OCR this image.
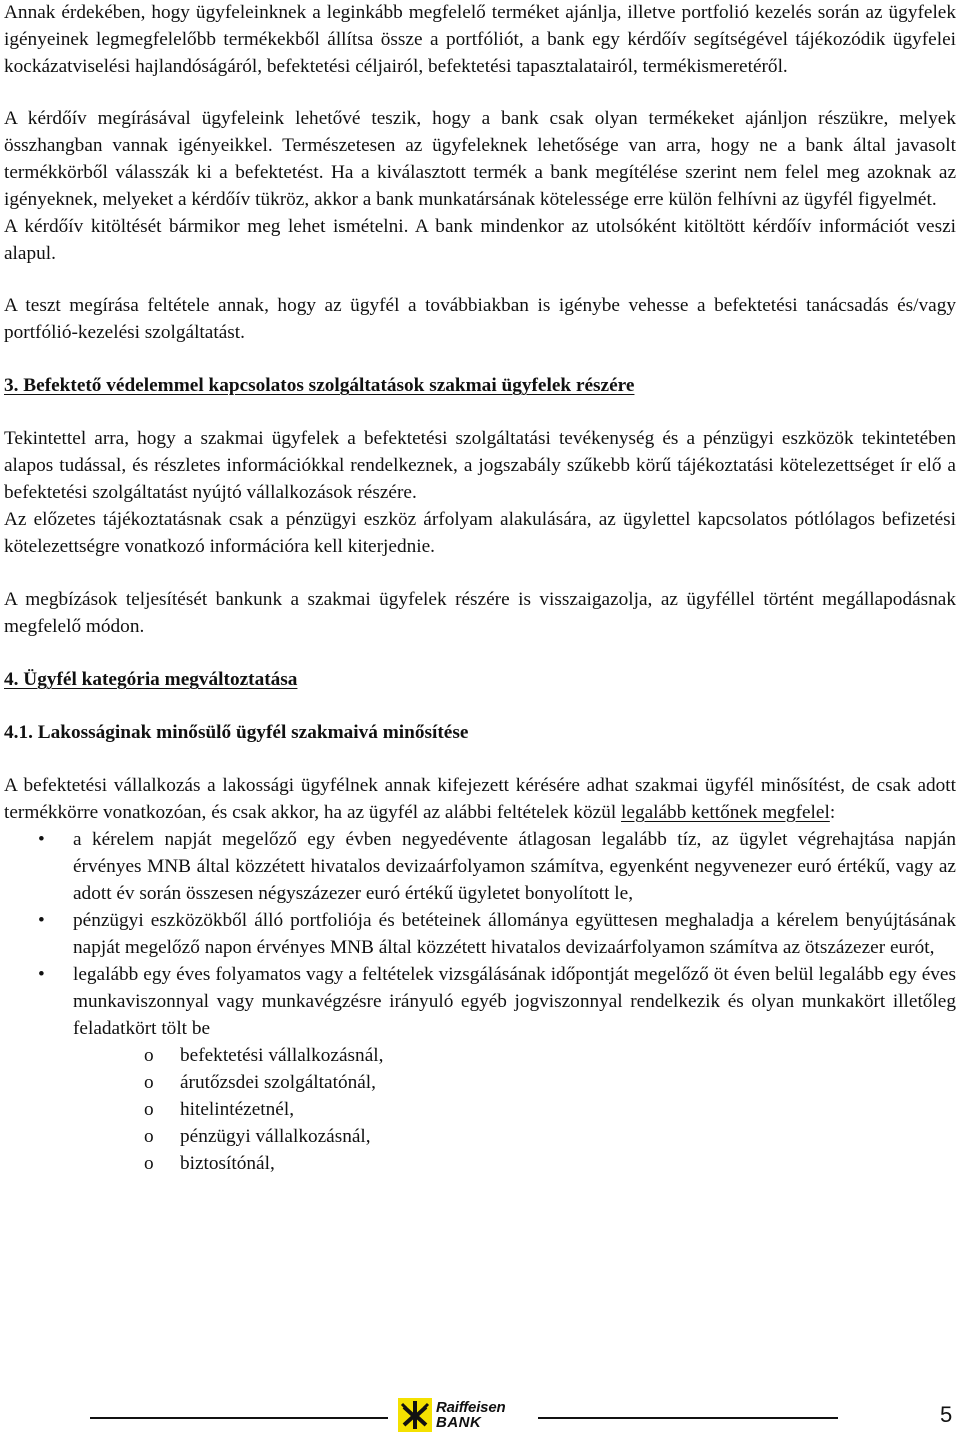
Annak érdekében, hogy ügyfeleinknek a leginkább megfelelő terméket ajánlja, illetve portfolió kezelés során az ügyfelek igényeinek legmegfelelőbb termékekből állítsa össze a portfóliót, a bank egy kérdőív segítségével tájékozódik ügyfelei kockázatviselési hajlandóságáról, befektetési céljairól, befektetési tapasztalatairól, termékismeretéről.

A kérdőív megírásával ügyfeleink lehetővé teszik, hogy a bank csak olyan termékeket ajánljon részükre, melyek összhangban vannak igényeikkel. Természetesen az ügyfeleknek lehetősége van arra, hogy ne a bank által javasolt termékkörből válasszák ki a befektetést. Ha a kiválasztott termék a bank megítélése szerint nem felel meg azoknak az igényeknek, melyeket a kérdőív tükröz, akkor a bank munkatársának kötelessége erre külön felhívni az ügyfél figyelmét.

A kérdőív kitöltését bármikor meg lehet ismételni. A bank mindenkor az utolsóként kitöltött kérdőív információt veszi alapul.

A teszt megírása feltétele annak, hogy az ügyfél a továbbiakban is igénybe vehesse a befektetési tanácsadás és/vagy portfólió-kezelési szolgáltatást.

3. Befektető védelemmel kapcsolatos szolgáltatások szakmai ügyfelek részére

Tekintettel arra, hogy a szakmai ügyfelek a befektetési szolgáltatási tevékenység és a pénzügyi eszközök tekintetében alapos tudással, és részletes információkkal rendelkeznek, a jogszabály szűkebb körű tájékoztatási kötelezettséget ír elő a befektetési szolgáltatást nyújtó vállalkozások részére.

Az előzetes tájékoztatásnak csak a pénzügyi eszköz árfolyam alakulására, az ügylettel kapcsolatos pótlólagos befizetési kötelezettségre vonatkozó információra kell kiterjednie.

A megbízások teljesítését bankunk a szakmai ügyfelek részére is visszaigazolja, az ügyféllel történt megállapodásnak megfelelő módon.

4. Ügyfél kategória megváltoztatása
4.1. Lakosságinak minősülő ügyfél szakmaivá minősítése

A befektetési vállalkozás a lakossági ügyfélnek annak kifejezett kérésére adhat szakmai ügyfél minősítést, de csak adott termékkörre vonatkozóan, és csak akkor, ha az ügyfél az alábbi feltételek közül legalább kettőnek megfelel:

• a kérelem napját megelőző egy évben negyedévente átlagosan legalább tíz, az ügylet végrehajtása napján érvényes MNB által közzétett hivatalos devizaárfolyamon számítva, egyenként negyvenezer euró értékű, vagy az adott év során összesen négyszázezer euró értékű ügyletet bonyolított le,
• pénzügyi eszközökből álló portfoliója és betéteinek állománya együttesen meghaladja a kérelem benyújtásának napját megelőző napon érvényes MNB által közzétett hivatalos devizaárfolyamon számítva az ötszázezer eurót,
• legalább egy éves folyamatos vagy a feltételek vizsgálásának időpontját megelőző öt éven belül legalább egy éves munkaviszonnyal vagy munkavégzésre irányuló egyéb jogviszonnyal rendelkezik és olyan munkakört illetőleg feladatkört tölt be
o befektetési vállalkozásnál,
o árutőzsdei szolgáltatónál,
o hitelintézetnél,
o pénzügyi vállalkozásnál,
o biztosítónál,
Raiffeisen
BANK	5
